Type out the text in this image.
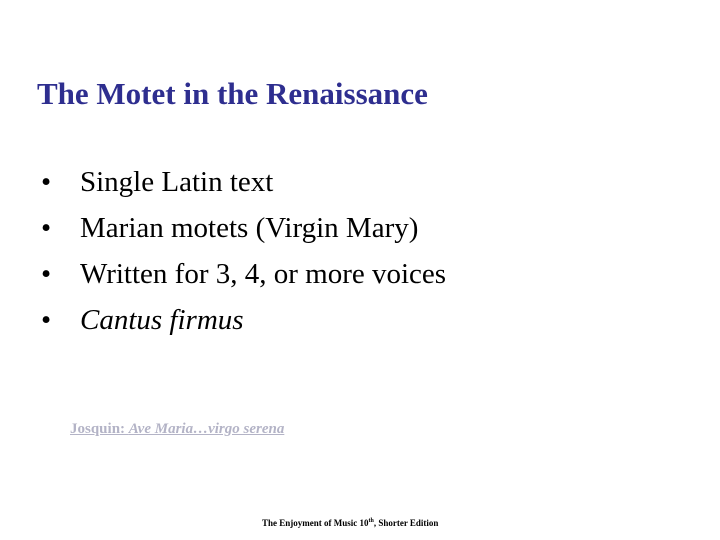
The Motet in the Renaissance
• Single Latin text
• Marian motets (Virgin Mary)
• Written for 3, 4, or more voices
• Cantus firmus
Josquin: Ave Maria…virgo serena
The Enjoyment of Music 10th, Shorter Edition
